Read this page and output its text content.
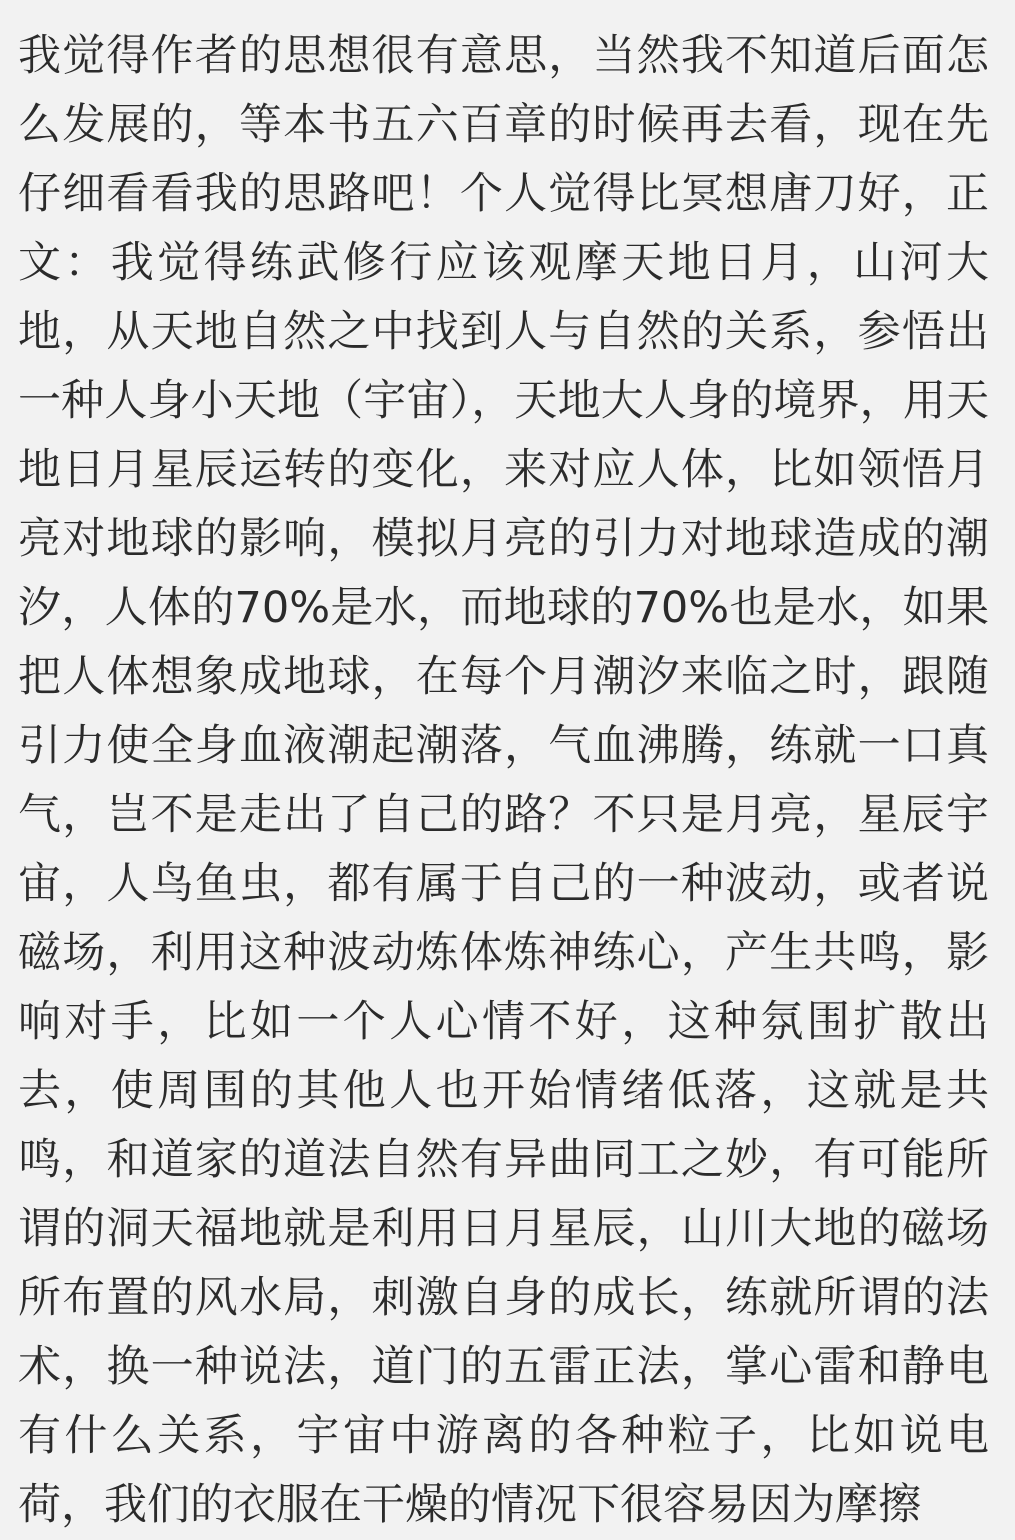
我觉得作者的思想很有意思，当然我不知道后面怎么发展的，等本书五六百章的时候再去看，现在先仔细看看我的思路吧！个人觉得比冥想唐刀好，正文：我觉得练武修行应该观摩天地日月，山河大地，从天地自然之中找到人与自然的关系，参悟出一种人身小天地（宇宙），天地大人身的境界，用天地日月星辰运转的变化，来对应人体，比如领悟月亮对地球的影响，模拟月亮的引力对地球造成的潮汐，人体的70%是水，而地球的70%也是水，如果把人体想象成地球，在每个月潮汐来临之时，跟随引力使全身血液潮起潮落，气血沸腾，练就一口真气，岂不是走出了自己的路？不只是月亮，星辰宇宙，人鸟鱼虫，都有属于自己的一种波动，或者说磁场，利用这种波动炼体炼神练心，产生共鸣，影响对手，比如一个人心情不好，这种氛围扩散出去，使周围的其他人也开始情绪低落，这就是共鸣，和道家的道法自然有异曲同工之妙，有可能所谓的洞天福地就是利用日月星辰，山川大地的磁场所布置的风水局，刺激自身的成长，练就所谓的法术，换一种说法，道门的五雷正法，掌心雷和静电有什么关系，宇宙中游离的各种粒子，比如说电荷，我们的衣服在干燥的情况下很容易因为摩擦
